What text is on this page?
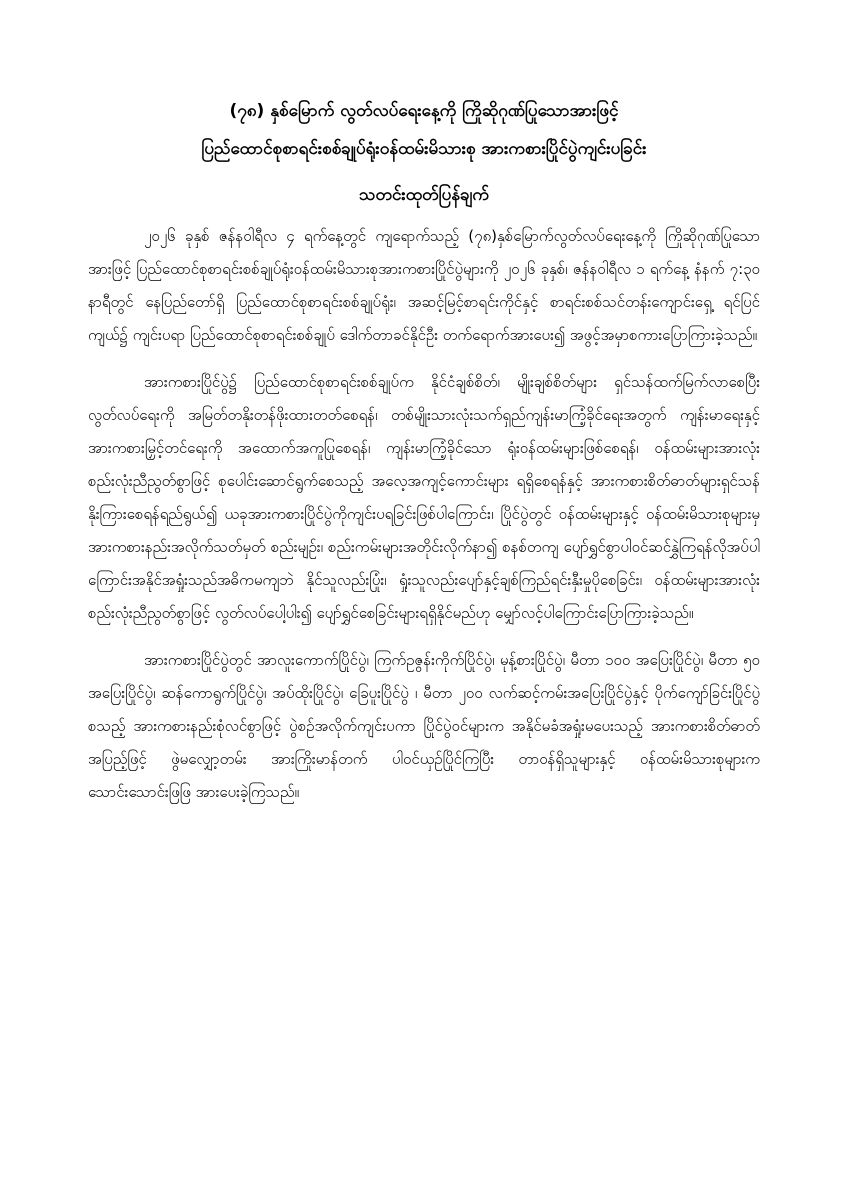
(၇၈) နှစ်မြောက် လွတ်လပ်ရေးနေ့ကို ကြိုဆိုဂုဏ်ပြုသောအားဖြင့်
ပြည်ထောင်စုစာရင်းစစ်ချုပ်ရုံးဝန်ထမ်းမိသားစု အားကစားပြိုင်ပွဲကျင်းပခြင်း
သတင်းထုတ်ပြန်ချက်

၂၀၂၆ ခုနှစ် ဇန်နဝါရီလ ၄ ရက်နေ့တွင် ကျရောက်သည့် (၇၈)နှစ်မြောက်လွတ်လပ်ရေးနေ့ကို ကြိုဆိုဂုဏ်ပြုသောအားဖြင့် ပြည်ထောင်စုစာရင်းစစ်ချုပ်ရုံးဝန်ထမ်းမိသားစုအားကစားပြိုင်ပွဲများကို ၂၀၂၆ ခုနှစ်၊ ဇန်နဝါရီလ ၁ ရက်နေ့ နံနက် ၇:၃၀ နာရီတွင် နေပြည်တော်ရှိ ပြည်ထောင်စုစာရင်းစစ်ချုပ်ရုံး၊ အဆင့်မြင့်စာရင်းကိုင်နှင့် စာရင်းစစ်သင်တန်းကျောင်းရှေ့ ရင်ပြင်ကျယ်၌ ကျင်းပရာ ပြည်ထောင်စုစာရင်းစစ်ချုပ် ဒေါက်တာခင်နိုင်ဦး တက်ရောက်အားပေး၍ အဖွင့်အမှာစကားပြောကြားခဲ့သည်။

အားကစားပြိုင်ပွဲ၌ ပြည်ထောင်စုစာရင်းစစ်ချုပ်က နိုင်ငံချစ်စိတ်၊ မျိုးချစ်စိတ်များ ရှင်သန်ထက်မြက်လာစေပြီး လွတ်လပ်ရေးကို အမြတ်တနိုးတန်ဖိုးထားတတ်စေရန်၊ တစ်မျိုးသားလုံးသက်ရှည်ကျန်းမာကြံ့ခိုင်ရေးအတွက် ကျန်းမာရေးနှင့်အားကစားမြှင့်တင်ရေးကို အထောက်အကူပြုစေရန်၊ ကျန်းမာကြံ့ခိုင်သော ရုံးဝန်ထမ်းများဖြစ်စေရန်၊ ဝန်ထမ်းများအားလုံးစည်းလုံးညီညွတ်စွာဖြင့် စုပေါင်းဆောင်ရွက်စေသည့် အလေ့အကျင့်ကောင်းများ ရရှိစေရန်နှင့် အားကစားစိတ်ဓာတ်များရှင်သန်နိုးကြားစေရန်ရည်ရွယ်၍ ယခုအားကစားပြိုင်ပွဲကိုကျင်းပရခြင်းဖြစ်ပါကြောင်း၊ ပြိုင်ပွဲတွင် ဝန်ထမ်းများနှင့် ဝန်ထမ်းမိသားစုများမှ အားကစားနည်းအလိုက်သတ်မှတ် စည်းမျဉ်း၊ စည်းကမ်းများအတိုင်းလိုက်နာ၍ စနစ်တကျ ပျော်ရွှင်စွာပါဝင်ဆင်နွှဲကြရန်လိုအပ်ပါကြောင်းအနိုင်အရှုံးသည်အဓိကမကျဘဲ နိုင်သူလည်းပြုံး၊ ရှုံးသူလည်းပျော်နှင့်ချစ်ကြည်ရင်းနှီးမှုပိုစေခြင်း၊ ဝန်ထမ်းများအားလုံး စည်းလုံးညီညွတ်စွာဖြင့် လွတ်လပ်ပေါ့ပါး၍ ပျော်ရွှင်စေခြင်းများရရှိနိုင်မည်ဟု မျှော်လင့်ပါကြောင်းပြောကြားခဲ့သည်။

အားကစားပြိုင်ပွဲတွင် အာလူးကောက်ပြိုင်ပွဲ၊ ကြက်ဥဇွန်းကိုက်ပြိုင်ပွဲ၊ မုန့်စားပြိုင်ပွဲ၊ မီတာ ၁၀၀ အပြေးပြိုင်ပွဲ၊ မီတာ ၅၀ အပြေးပြိုင်ပွဲ၊ ဆန်ကောရွက်ပြိုင်ပွဲ၊ အပ်ထိုးပြိုင်ပွဲ၊ ခြေပူးပြိုင်ပွဲ ၊ မီတာ ၂၀၀ လက်ဆင့်ကမ်းအပြေးပြိုင်ပွဲနှင့် ပိုက်ကျော်ခြင်းပြိုင်ပွဲ စသည့် အားကစားနည်းစုံလင်စွာဖြင့် ပွဲစဉ်အလိုက်ကျင်းပကာ ပြိုင်ပွဲဝင်များက အနိုင်မခံအရှုံးမပေးသည့် အားကစားစိတ်ဓာတ်အပြည့်ဖြင့် ဖွဲမလျှော့တမ်း အားကြိုးမာန်တက် ပါဝင်ယှဉ်ပြိုင်ကြပြီး တာဝန်ရှိသူများနှင့် ဝန်ထမ်းမိသားစုများက သောင်းသောင်းဖြဖြ အားပေးခဲ့ကြသည်။
